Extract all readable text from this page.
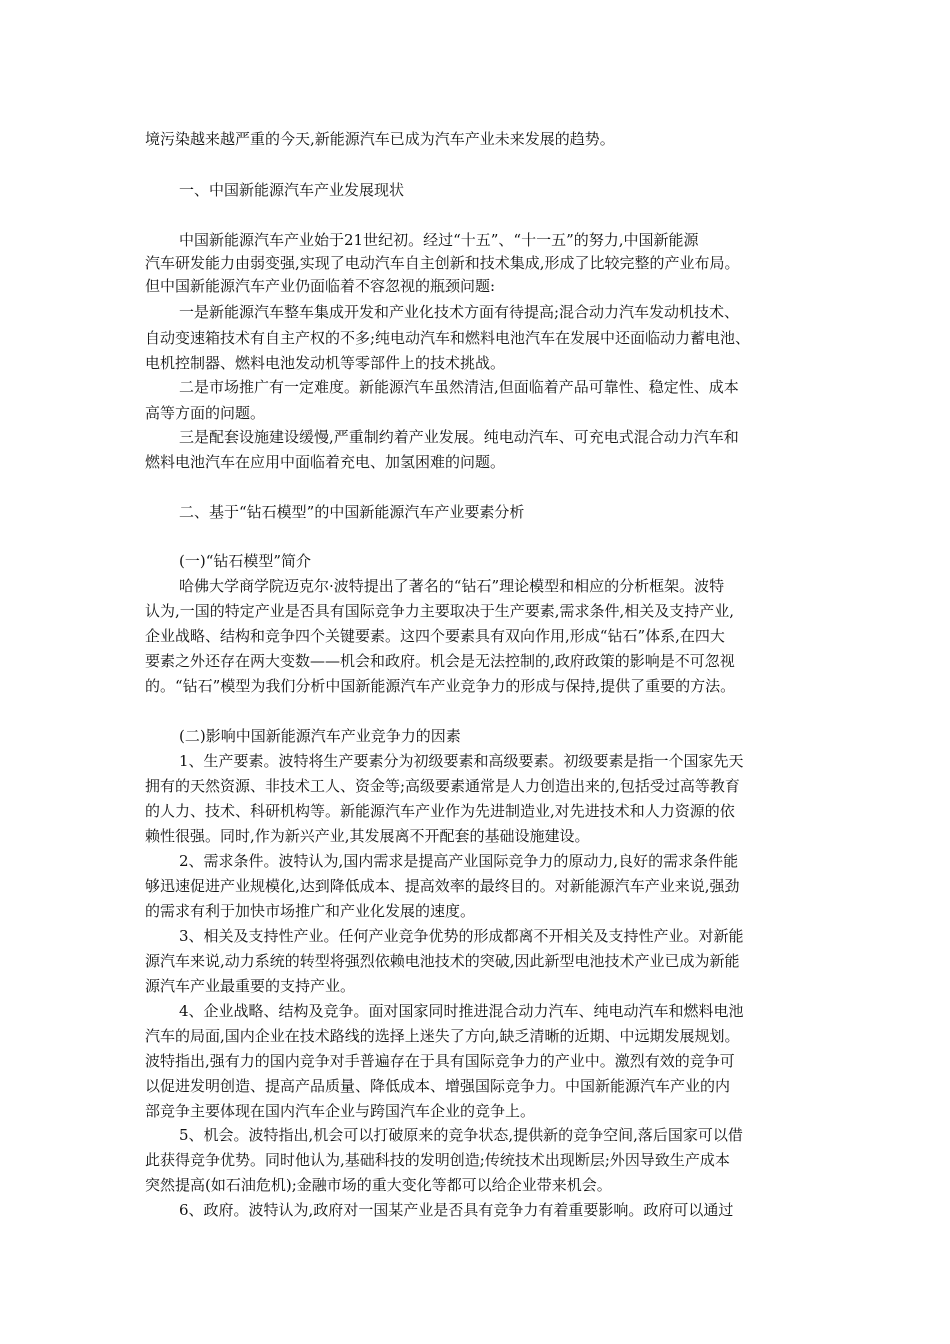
境污染越来越严重的今天,新能源汽车已成为汽车产业未来发展的趋势。
一、中国新能源汽车产业发展现状
中国新能源汽车产业始于21世纪初。经过“十五”、“十一五”的努力,中国新能源
汽车研发能力由弱变强,实现了电动汽车自主创新和技术集成,形成了比较完整的产业布局。
但中国新能源汽车产业仍面临着不容忽视的瓶颈问题:
一是新能源汽车整车集成开发和产业化技术方面有待提高;混合动力汽车发动机技术、
自动变速箱技术有自主产权的不多;纯电动汽车和燃料电池汽车在发展中还面临动力蓄电池、
电机控制器、燃料电池发动机等零部件上的技术挑战。
二是市场推广有一定难度。新能源汽车虽然清洁,但面临着产品可靠性、稳定性、成本
高等方面的问题。
三是配套设施建设缓慢,严重制约着产业发展。纯电动汽车、可充电式混合动力汽车和
燃料电池汽车在应用中面临着充电、加氢困难的问题。
二、基于“钻石模型”的中国新能源汽车产业要素分析
(一)“钻石模型”简介
哈佛大学商学院迈克尔·波特提出了著名的“钻石”理论模型和相应的分析框架。波特
认为,一国的特定产业是否具有国际竞争力主要取决于生产要素,需求条件,相关及支持产业,
企业战略、结构和竞争四个关键要素。这四个要素具有双向作用,形成“钻石”体系,在四大
要素之外还存在两大变数——机会和政府。机会是无法控制的,政府政策的影响是不可忽视
的。“钻石”模型为我们分析中国新能源汽车产业竞争力的形成与保持,提供了重要的方法。
(二)影响中国新能源汽车产业竞争力的因素
1、生产要素。波特将生产要素分为初级要素和高级要素。初级要素是指一个国家先天
拥有的天然资源、非技术工人、资金等;高级要素通常是人力创造出来的,包括受过高等教育
的人力、技术、科研机构等。新能源汽车产业作为先进制造业,对先进技术和人力资源的依
赖性很强。同时,作为新兴产业,其发展离不开配套的基础设施建设。
2、需求条件。波特认为,国内需求是提高产业国际竞争力的原动力,良好的需求条件能
够迅速促进产业规模化,达到降低成本、提高效率的最终目的。对新能源汽车产业来说,强劲
的需求有利于加快市场推广和产业化发展的速度。
3、相关及支持性产业。任何产业竞争优势的形成都离不开相关及支持性产业。对新能
源汽车来说,动力系统的转型将强烈依赖电池技术的突破,因此新型电池技术产业已成为新能
源汽车产业最重要的支持产业。
4、企业战略、结构及竞争。面对国家同时推进混合动力汽车、纯电动汽车和燃料电池
汽车的局面,国内企业在技术路线的选择上迷失了方向,缺乏清晰的近期、中远期发展规划。
波特指出,强有力的国内竞争对手普遍存在于具有国际竞争力的产业中。激烈有效的竞争可
以促进发明创造、提高产品质量、降低成本、增强国际竞争力。中国新能源汽车产业的内
部竞争主要体现在国内汽车企业与跨国汽车企业的竞争上。
5、机会。波特指出,机会可以打破原来的竞争状态,提供新的竞争空间,落后国家可以借
此获得竞争优势。同时他认为,基础科技的发明创造;传统技术出现断层;外因导致生产成本
突然提高(如石油危机);金融市场的重大变化等都可以给企业带来机会。
6、政府。波特认为,政府对一国某产业是否具有竞争力有着重要影响。政府可以通过
